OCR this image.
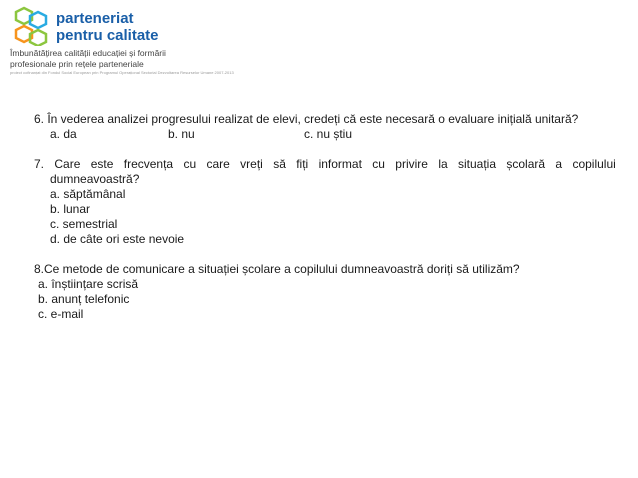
parteneriat
pentru calitate
Îmbunătățirea calității educației și formării
profesionale prin rețele parteneriale
proiect cofinanțat din Fondul Social European prin Programul Operațional Sectorial Dezvoltarea Resurselor Umane 2007-2013
6. În vederea analizei progresului realizat de elevi, credeți că este necesară o evaluare inițială unitară?
a. da	b. nu	c. nu știu
7. Care este frecvența cu care vreți să fiți informat cu privire la situația școlară a copilului
dumneavoastră?
a. săptămânal
b. lunar
c. semestrial
d. de câte ori este nevoie
8.Ce metode de comunicare a situației școlare a copilului dumneavoastră doriți să utilizăm?
a. înștiințare scrisă
b. anunț telefonic
c. e-mail
